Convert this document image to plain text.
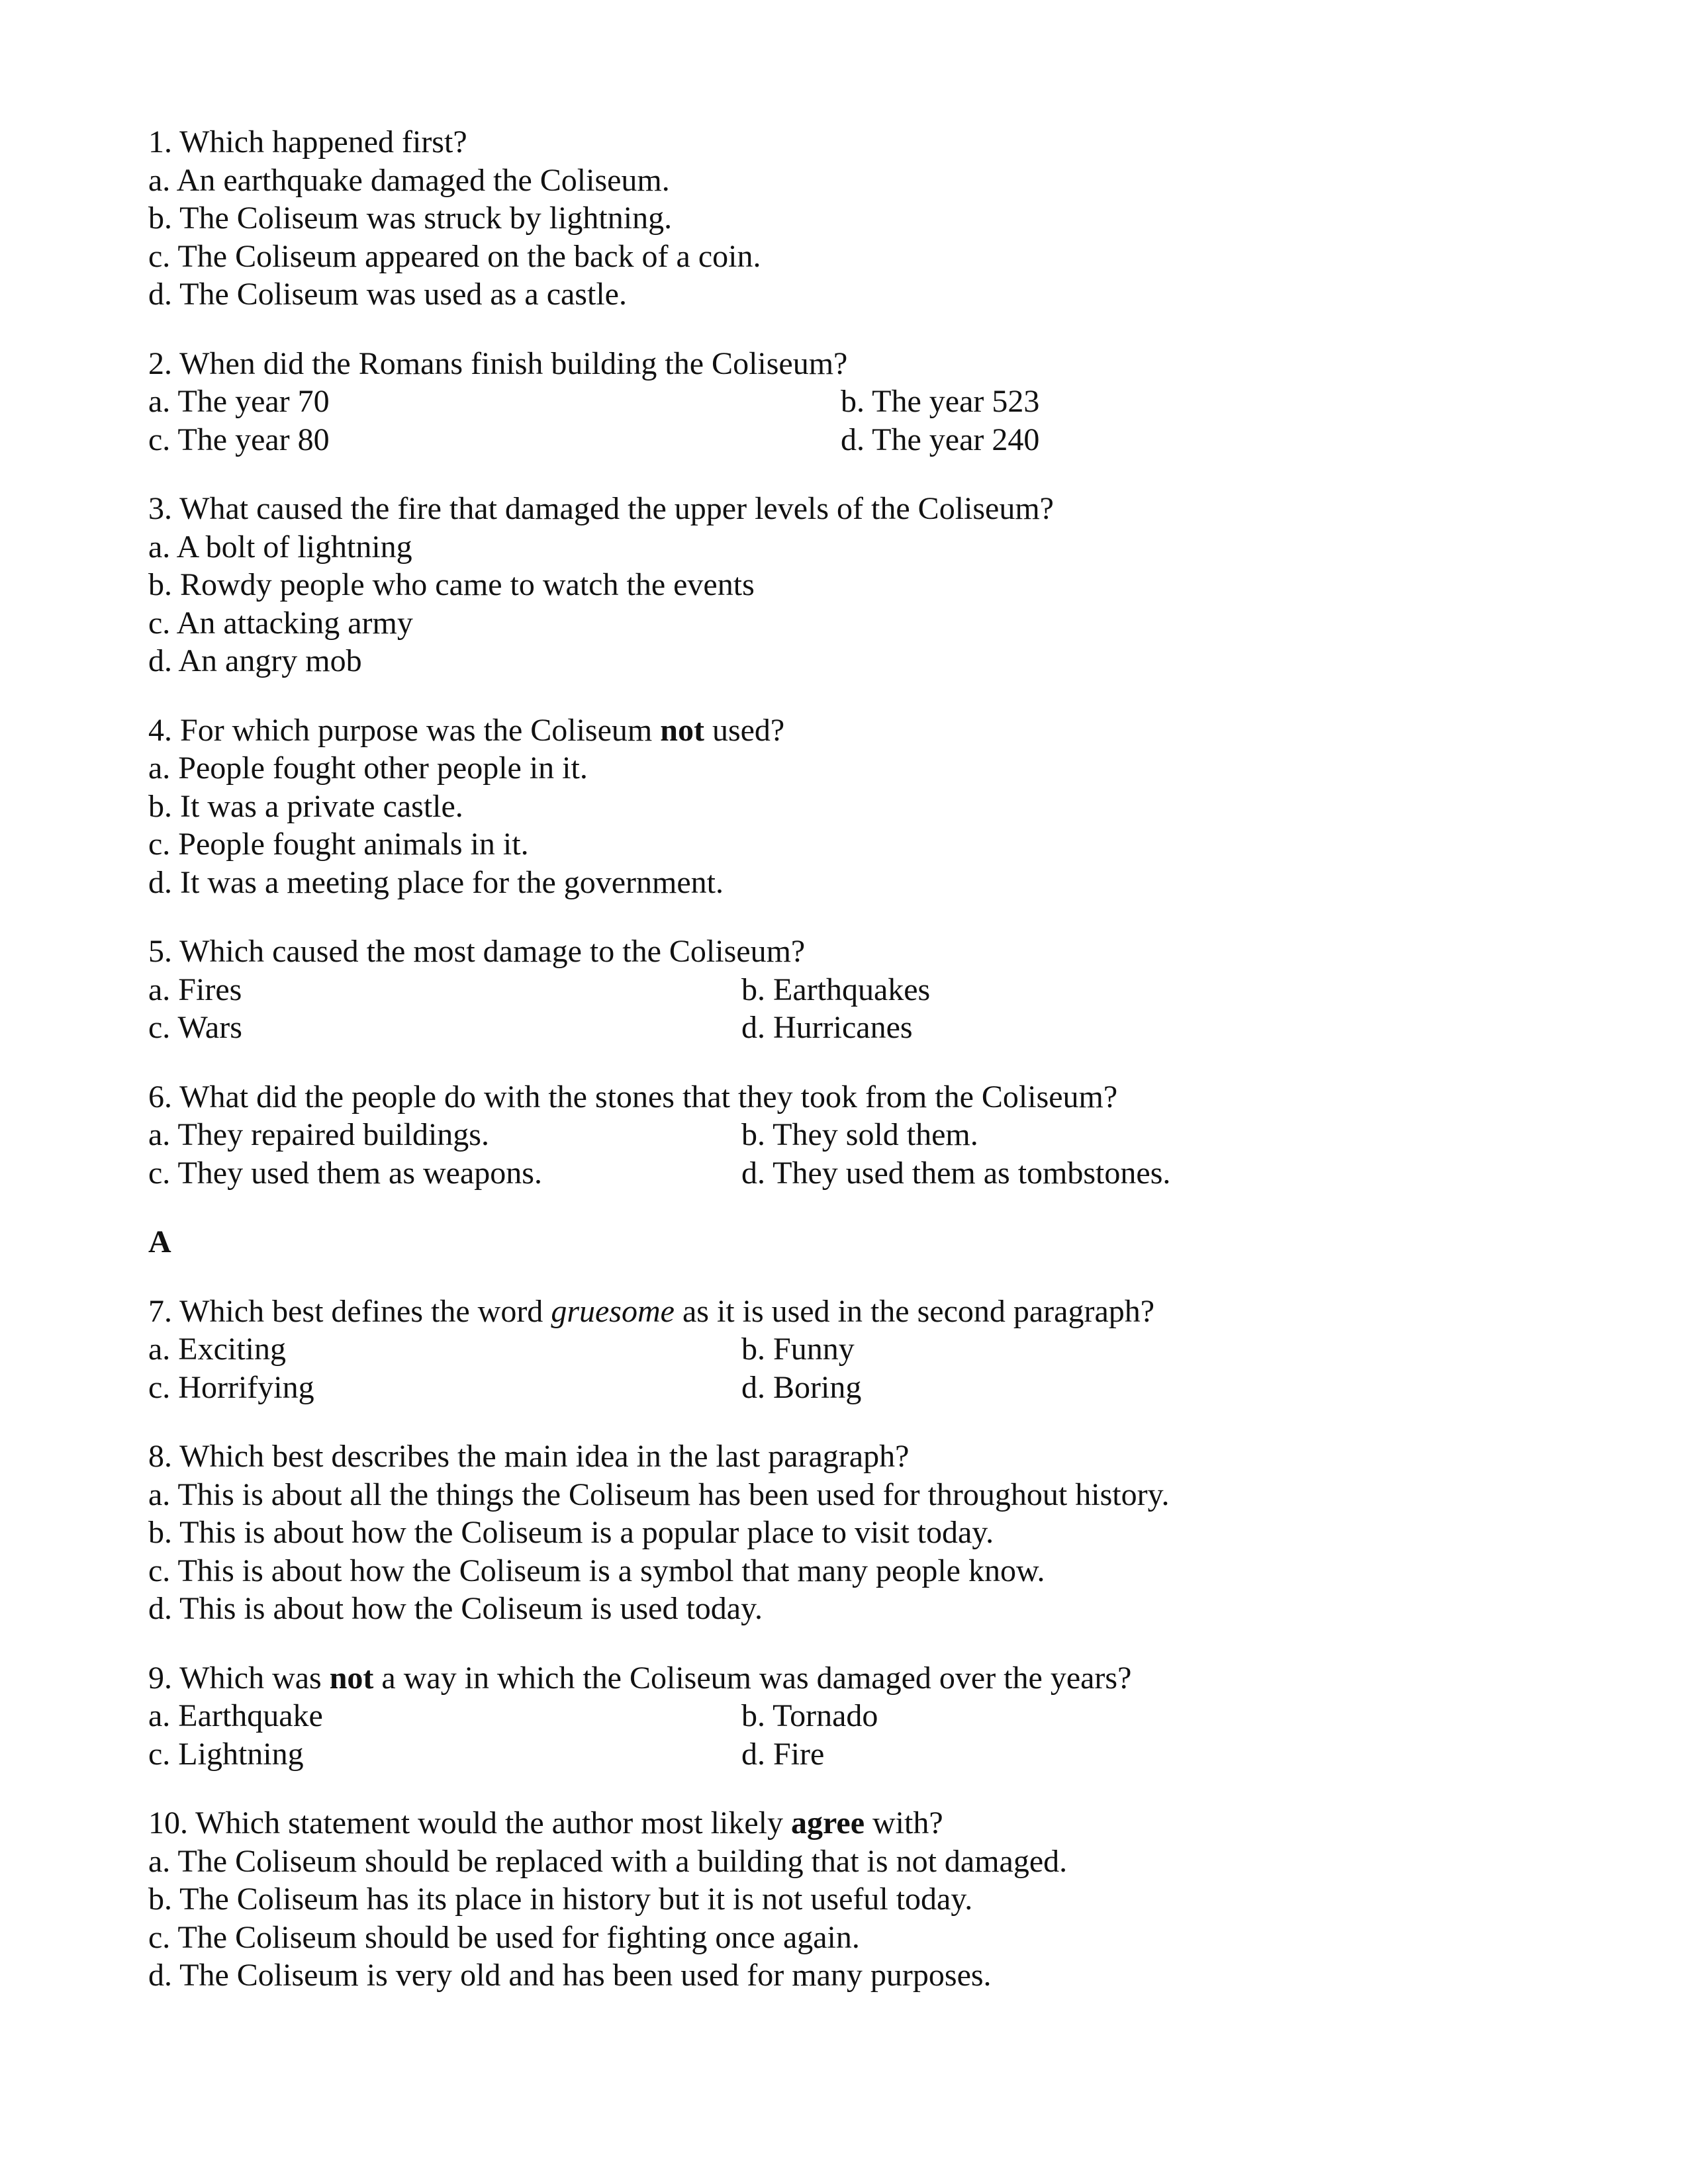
1. Which happened first?
a. An earthquake damaged the Coliseum.
b. The Coliseum was struck by lightning.
c. The Coliseum appeared on the back of a coin.
d. The Coliseum was used as a castle.
2. When did the Romans finish building the Coliseum?
a. The year 70	b. The year 523
c. The year 80	d. The year 240
3. What caused the fire that damaged the upper levels of the Coliseum?
a. A bolt of lightning
b. Rowdy people who came to watch the events
c. An attacking army
d. An angry mob
4. For which purpose was the Coliseum not used?
a. People fought other people in it.
b. It was a private castle.
c. People fought animals in it.
d. It was a meeting place for the government.
5. Which caused the most damage to the Coliseum?
a. Fires	b. Earthquakes
c. Wars	d. Hurricanes
6. What did the people do with the stones that they took from the Coliseum?
a. They repaired buildings.	b. They sold them.
c. They used them as weapons.	d. They used them as tombstones.
A
7. Which best defines the word gruesome as it is used in the second paragraph?
a. Exciting	b. Funny
c. Horrifying	d. Boring
8. Which best describes the main idea in the last paragraph?
a. This is about all the things the Coliseum has been used for throughout history.
b. This is about how the Coliseum is a popular place to visit today.
c. This is about how the Coliseum is a symbol that many people know.
d. This is about how the Coliseum is used today.
9. Which was not a way in which the Coliseum was damaged over the years?
a. Earthquake	b. Tornado
c. Lightning	d. Fire
10. Which statement would the author most likely agree with?
a. The Coliseum should be replaced with a building that is not damaged.
b. The Coliseum has its place in history but it is not useful today.
c. The Coliseum should be used for fighting once again.
d. The Coliseum is very old and has been used for many purposes.
